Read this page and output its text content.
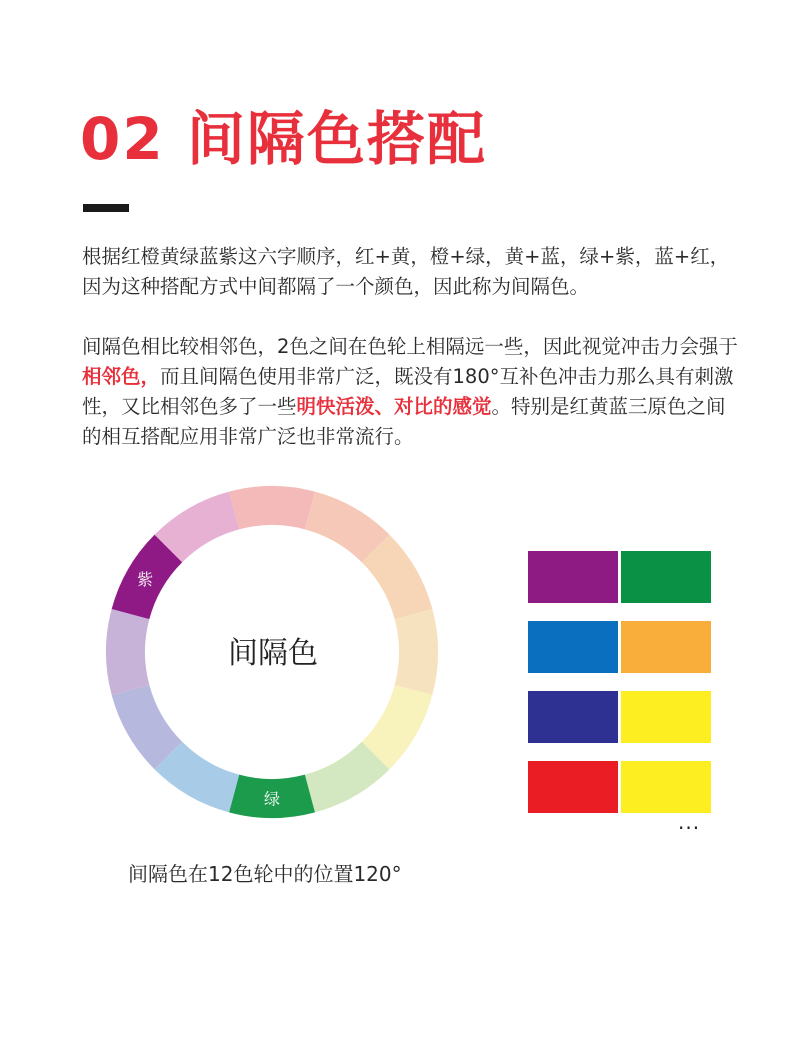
02 间隔色搭配

根据红橙黄绿蓝紫这六字顺序，红+黄，橙+绿，黄+蓝，绿+紫，蓝+红，因为这种搭配方式中间都隔了一个颜色，因此称为间隔色。

间隔色相比较相邻色，2色之间在色轮上相隔远一些，因此视觉冲击力会强于相邻色，而且间隔色使用非常广泛，既没有180°互补色冲击力那么具有刺激性，又比相邻色多了一些明快活泼、对比的感觉。特别是红黄蓝三原色之间的相互搭配应用非常广泛也非常流行。

绿
紫
间隔色

间隔色在12色轮中的位置120°

...
